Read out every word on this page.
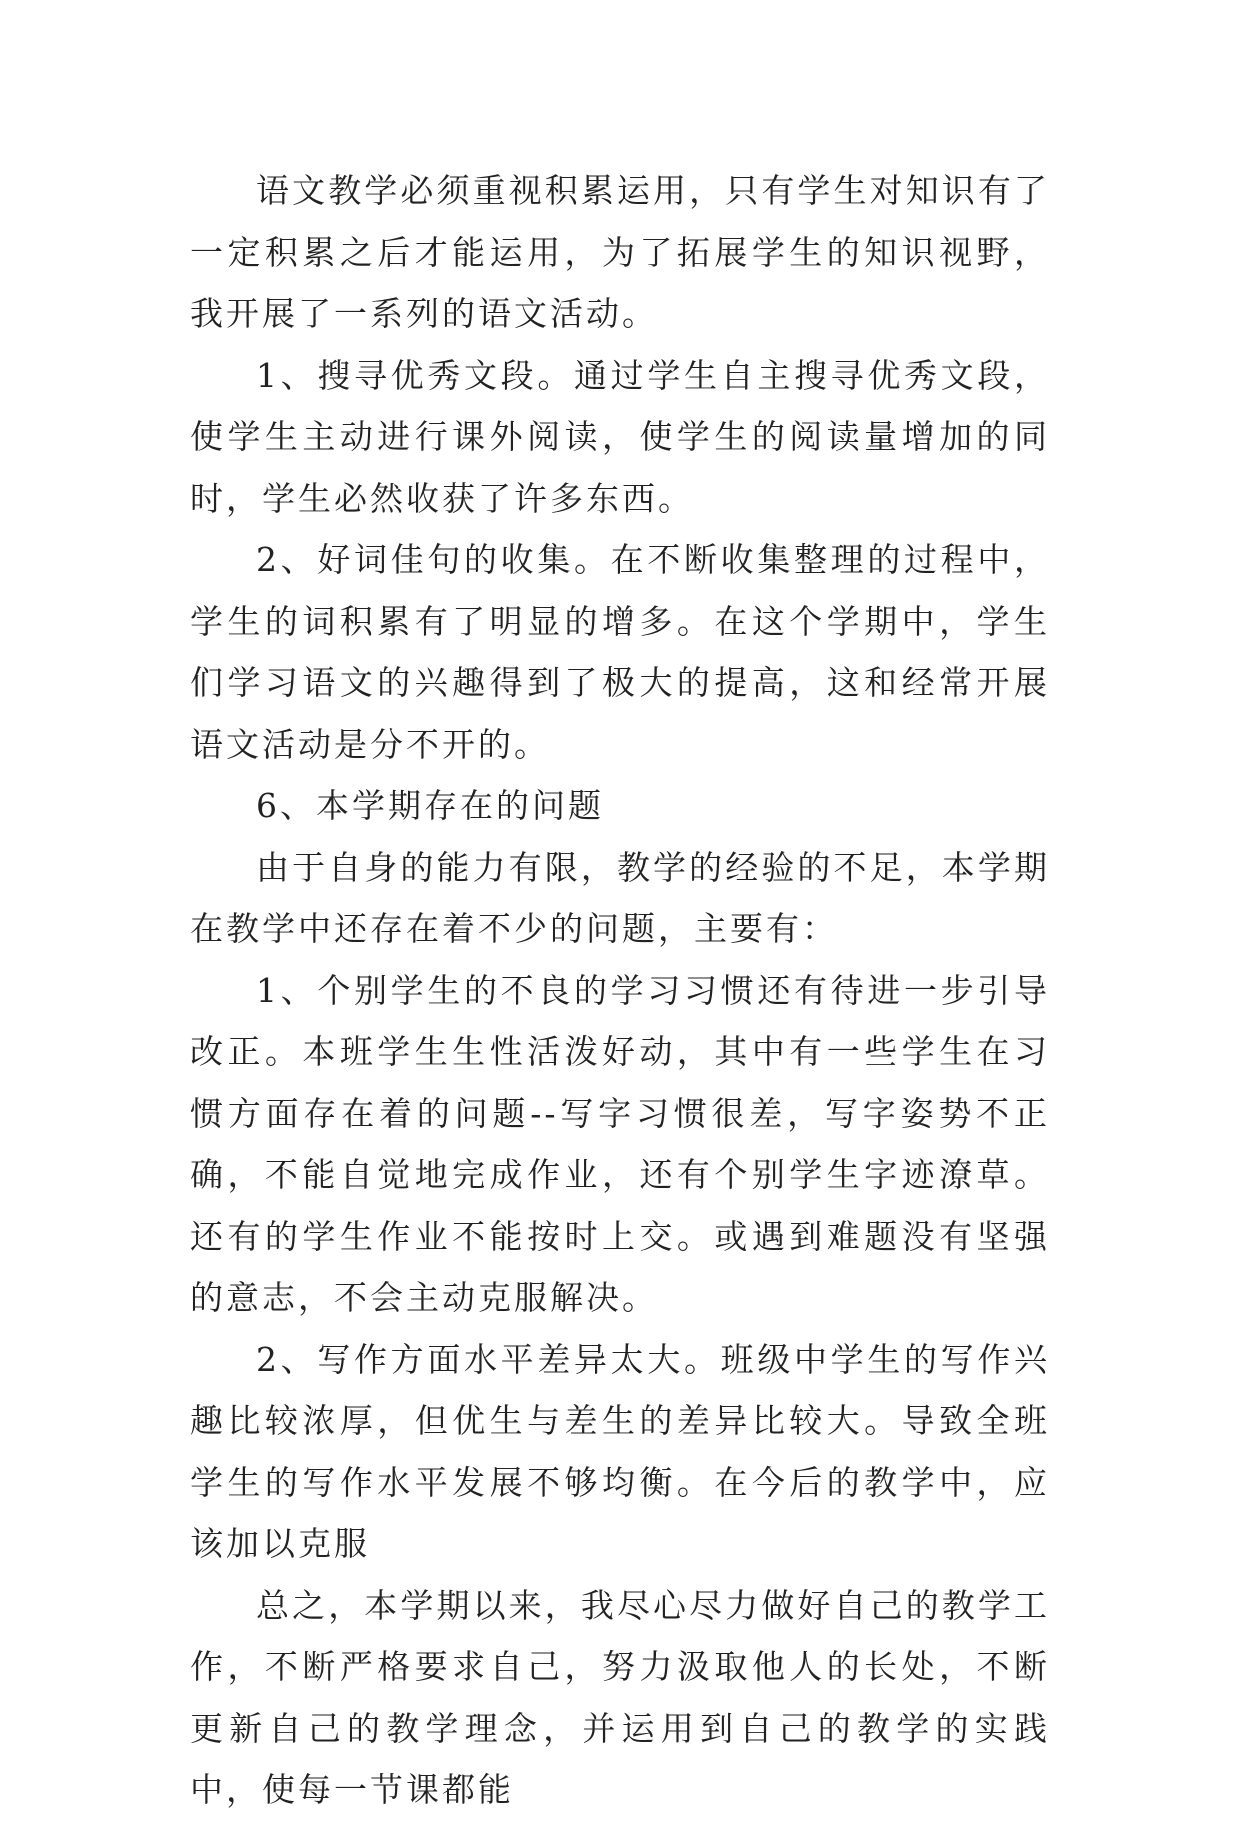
语文教学必须重视积累运用，只有学生对知识有了一定积累之后才能运用，为了拓展学生的知识视野，我开展了一系列的语文活动。

1、搜寻优秀文段。通过学生自主搜寻优秀文段，使学生主动进行课外阅读，使学生的阅读量增加的同时，学生必然收获了许多东西。

2、好词佳句的收集。在不断收集整理的过程中，学生的词积累有了明显的增多。在这个学期中，学生们学习语文的兴趣得到了极大的提高，这和经常开展语文活动是分不开的。

6、本学期存在的问题

由于自身的能力有限，教学的经验的不足，本学期在教学中还存在着不少的问题，主要有：

1、个别学生的不良的学习习惯还有待进一步引导改正。本班学生生性活泼好动，其中有一些学生在习惯方面存在着的问题--写字习惯很差，写字姿势不正确，不能自觉地完成作业，还有个别学生字迹潦草。还有的学生作业不能按时上交。或遇到难题没有坚强的意志，不会主动克服解决。

2、写作方面水平差异太大。班级中学生的写作兴趣比较浓厚，但优生与差生的差异比较大。导致全班学生的写作水平发展不够均衡。在今后的教学中，应该加以克服

总之，本学期以来，我尽心尽力做好自己的教学工作，不断严格要求自己，努力汲取他人的长处，不断更新自己的教学理念，并运用到自己的教学的实践中，使每一节课都能
